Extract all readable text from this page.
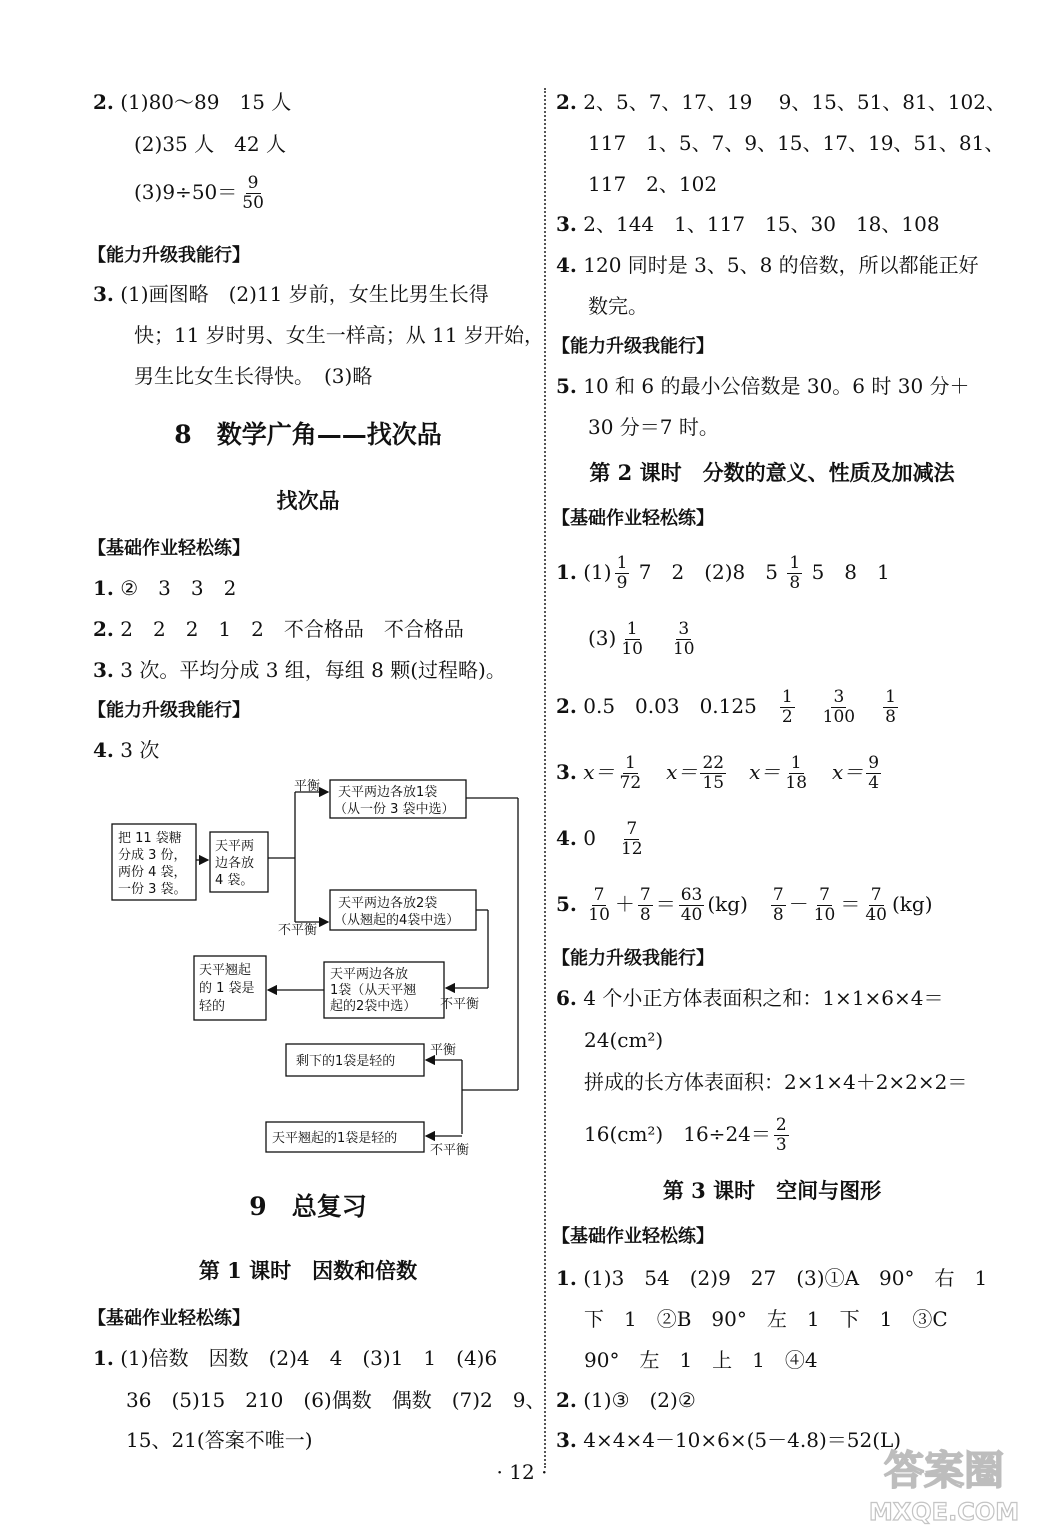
2. (1)80～89　15 人
(2)35 人　42 人
$(3)9\div 50= \frac{9}{50}$
【能力升级我能行】
3. (1)画图略　(2)11 岁前，女生比男生长得
快；11 岁时男、女生一样高；从 11 岁开始，
男生比女生长得快。　(3)略
8　数学广角——找次品
找次品
【基础作业轻松练】
1. ②　3　3　2
2. 2　2　2　1　2　不合格品　不合格品
3. 3 次。平均分成 3 组，每组 8 颗(过程略)。
【能力升级我能行】
4. 3 次
把 11 袋糖
分成 3 份，
两份 4 袋，
一份 3 袋。
天平两
边各放
4 袋。
平衡
不平衡
天平两边各放1袋
（从一份 3 袋中选）
天平两边各放2袋
（从翘起的4袋中选）
天平两边各放
1袋（从天平翘
起的2袋中选） 不平衡
天平翘起
的 1 袋是
轻的
平衡
剩下的1袋是轻的
天平翘起的1袋是轻的
不平衡
9　总复习
第 1 课时　因数和倍数
【基础作业轻松练】
1. (1)倍数　因数　(2)4　4　(3)1　1　(4)6
36　(5)15　210　(6)偶数　偶数　(7)2　9、
15、21(答案不唯一)
2. 2、5、7、17、19　 9、15、51、81、102、
117　1、5、7、9、15、17、19、51、81、
117　2、102
3. 2、144　1、117　15、30　18、108
4. 120 同时是 3、5、8 的倍数，所以都能正好
数完。
【能力升级我能行】
5. 10 和 6 的最小公倍数是 30。6 时 30 分＋
30 分＝7 时。
第 2 课时　分数的意义、性质及加减法
【基础作业轻松练】
1. $(1) \frac{1}{9} 7$　2　(2)8　$5 \frac{1}{8} 5$　8　1
$(3) \frac{1}{10}$
　 $\frac{3}{10}$
2. 0.5　0.03　0.125　 $\frac{1}{2}$
　 $\frac{3}{100}$
　 $\frac{1}{8}$
3. $x= \frac{1}{72}$
　 $x= \frac{22}{15}$
　 $x= \frac{1}{18}$
　 $x= \frac{9}{4}$
4. 0　 $\frac{7}{12}$
5. $\frac{7}{10} + \frac{7}{8} = \frac{63}{40} (kg)$　 $\frac{7}{8} - \frac{7}{10} = \frac{7}{40} (kg)$
【能力升级我能行】
6. 4 个小正方体表面积之和：1×1×6×4＝
24(cm²)
拼成的长方体表面积：2×1×4＋2×2×2＝
16(cm²)　$16\div 24= \frac{2}{3}$
第 3 课时　空间与图形
【基础作业轻松练】
1. (1)3　54　(2)9　27　(3)①A　90°　右　1
下　1　②B　90°　左　1　下　1　③C
90°　左　1　上　1　④4
2. (1)③　(2)②
3. 4×4×4－10×6×(5－4.8)＝52(L)
· 12 ·	答案圈
MXQE.COM
